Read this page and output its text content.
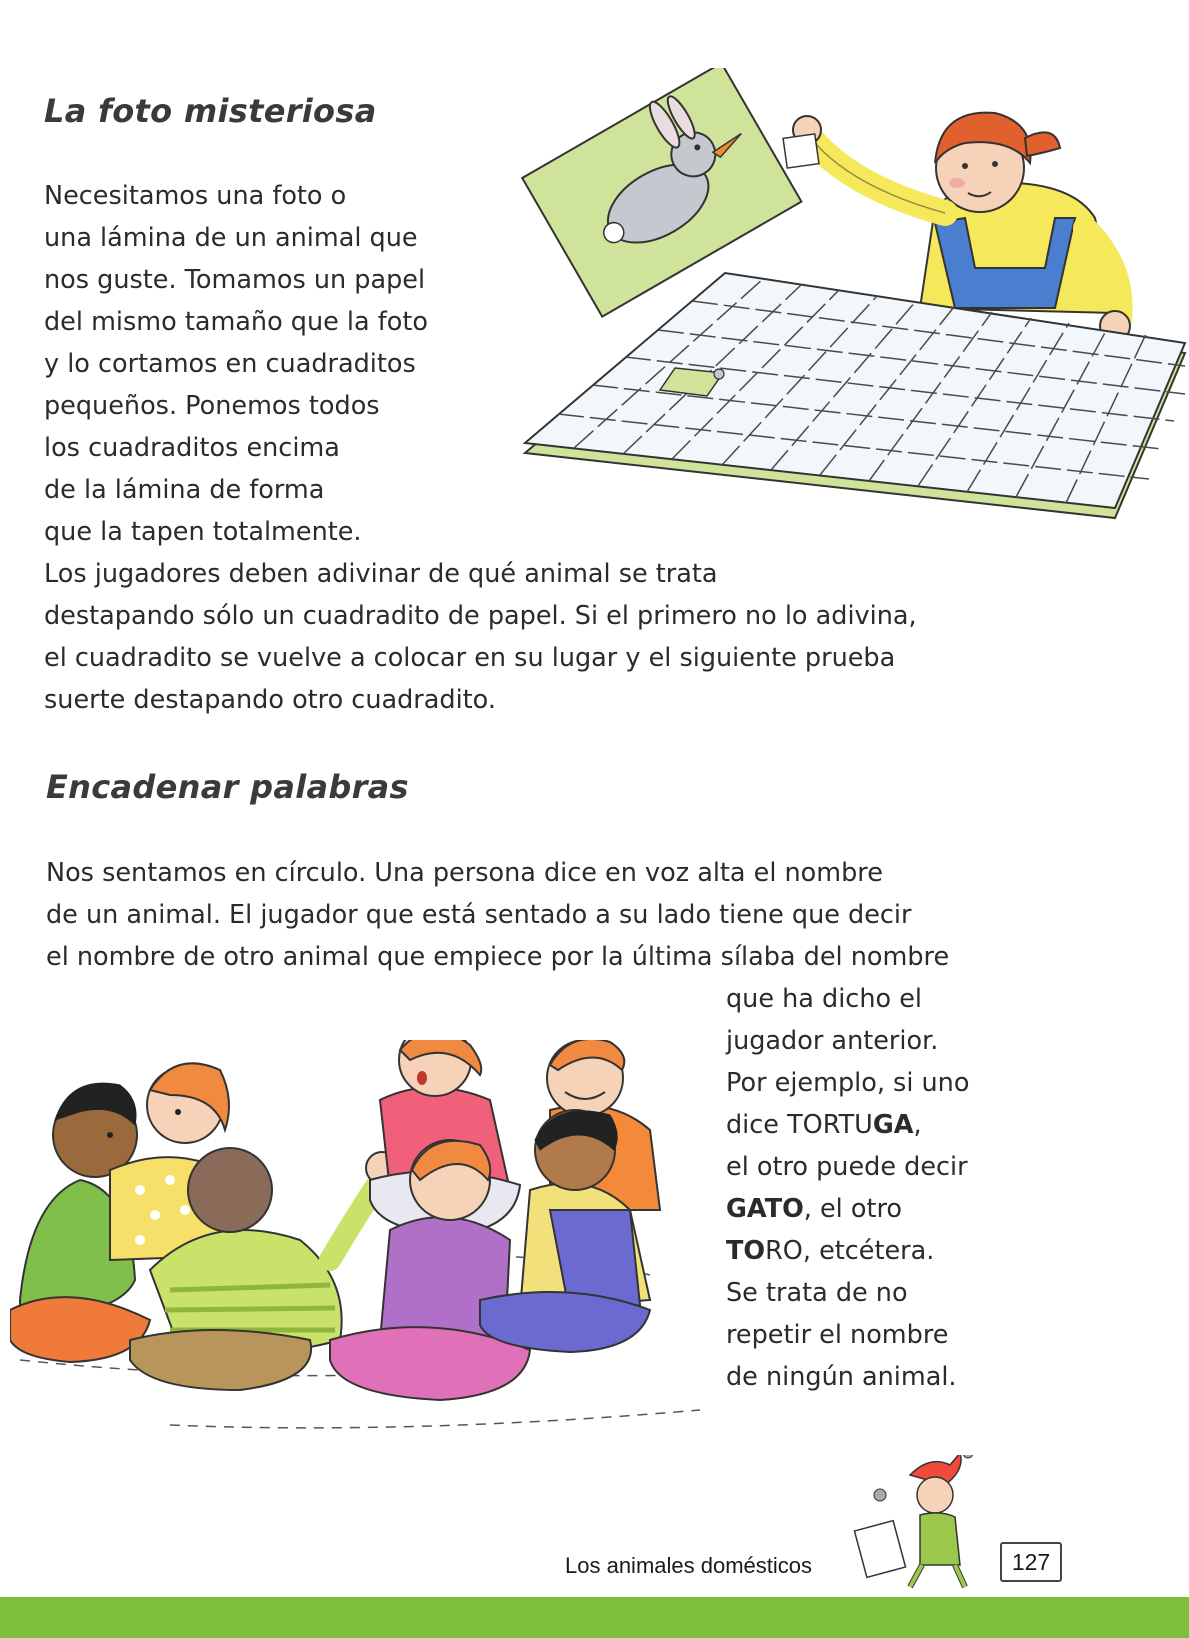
La foto misteriosa
Necesitamos una foto o
una lámina de un animal que
nos guste. Tomamos un papel
del mismo tamaño que la foto
y lo cortamos en cuadraditos
pequeños. Ponemos todos
los cuadraditos encima
de la lámina de forma
que la tapen totalmente.
Los jugadores deben adivinar de qué animal se trata
destapando sólo un cuadradito de papel. Si el primero no lo adivina,
el cuadradito se vuelve a colocar en su lugar y el siguiente prueba
suerte destapando otro cuadradito.
Encadenar palabras
Nos sentamos en círculo. Una persona dice en voz alta el nombre
de un animal. El jugador que está sentado a su lado tiene que decir
el nombre de otro animal que empiece por la última sílaba del nombre
que ha dicho el
jugador anterior.
Por ejemplo, si uno
dice TORTUGA,
el otro puede decir
GATO, el otro
TORO, etcétera.
Se trata de no
repetir el nombre
de ningún animal.
Los animales domésticos	127
